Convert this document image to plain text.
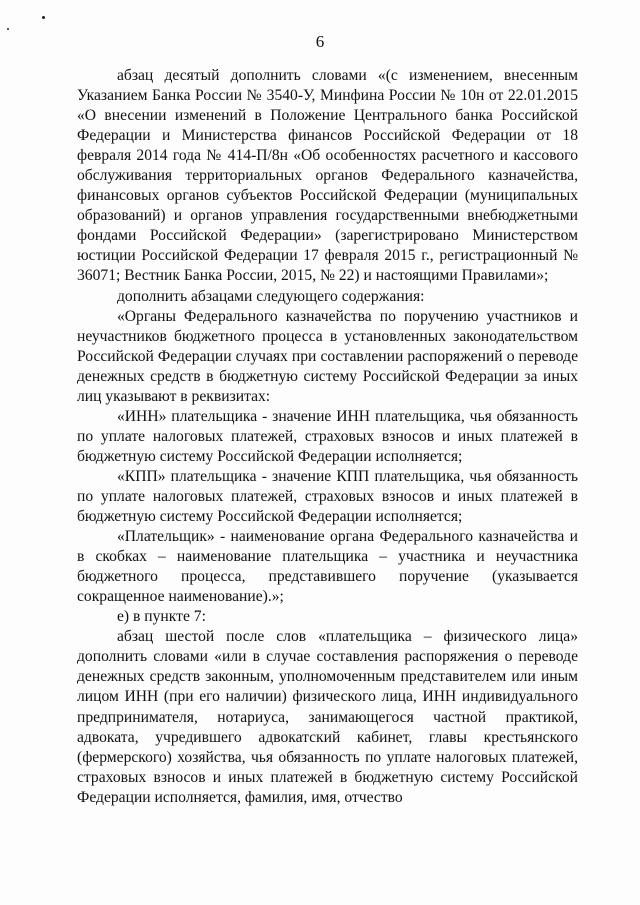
6

абзац десятый дополнить словами «(с изменением, внесенным Указанием Банка России № 3540-У, Минфина России № 10н от 22.01.2015 «О внесении изменений в Положение Центрального банка Российской Федерации и Министерства финансов Российской Федерации от 18 февраля 2014 года № 414-П/8н «Об особенностях расчетного и кассового обслуживания территориальных органов Федерального казначейства, финансовых органов субъектов Российской Федерации (муниципальных образований) и органов управления государственными внебюджетными фондами Российской Федерации» (зарегистрировано Министерством юстиции Российской Федерации 17 февраля 2015 г., регистрационный № 36071; Вестник Банка России, 2015, № 22) и настоящими Правилами»;

дополнить абзацами следующего содержания:

«Органы Федерального казначейства по поручению участников и неучастников бюджетного процесса в установленных законодательством Российской Федерации случаях при составлении распоряжений о переводе денежных средств в бюджетную систему Российской Федерации за иных лиц указывают в реквизитах:

«ИНН» плательщика - значение ИНН плательщика, чья обязанность по уплате налоговых платежей, страховых взносов и иных платежей в бюджетную систему Российской Федерации исполняется;

«КПП» плательщика - значение КПП плательщика, чья обязанность по уплате налоговых платежей, страховых взносов и иных платежей в бюджетную систему Российской Федерации исполняется;

«Плательщик» - наименование органа Федерального казначейства и в скобках – наименование плательщика – участника и неучастника бюджетного процесса, представившего поручение (указывается сокращенное наименование).»;

е) в пункте 7:

абзац шестой после слов «плательщика – физического лица» дополнить словами «или в случае составления распоряжения о переводе денежных средств законным, уполномоченным представителем или иным лицом ИНН (при его наличии) физического лица, ИНН индивидуального предпринимателя, нотариуса, занимающегося частной практикой, адвоката, учредившего адвокатский кабинет, главы крестьянского (фермерского) хозяйства, чья обязанность по уплате налоговых платежей, страховых взносов и иных платежей в бюджетную систему Российской Федерации исполняется, фамилия, имя, отчество
